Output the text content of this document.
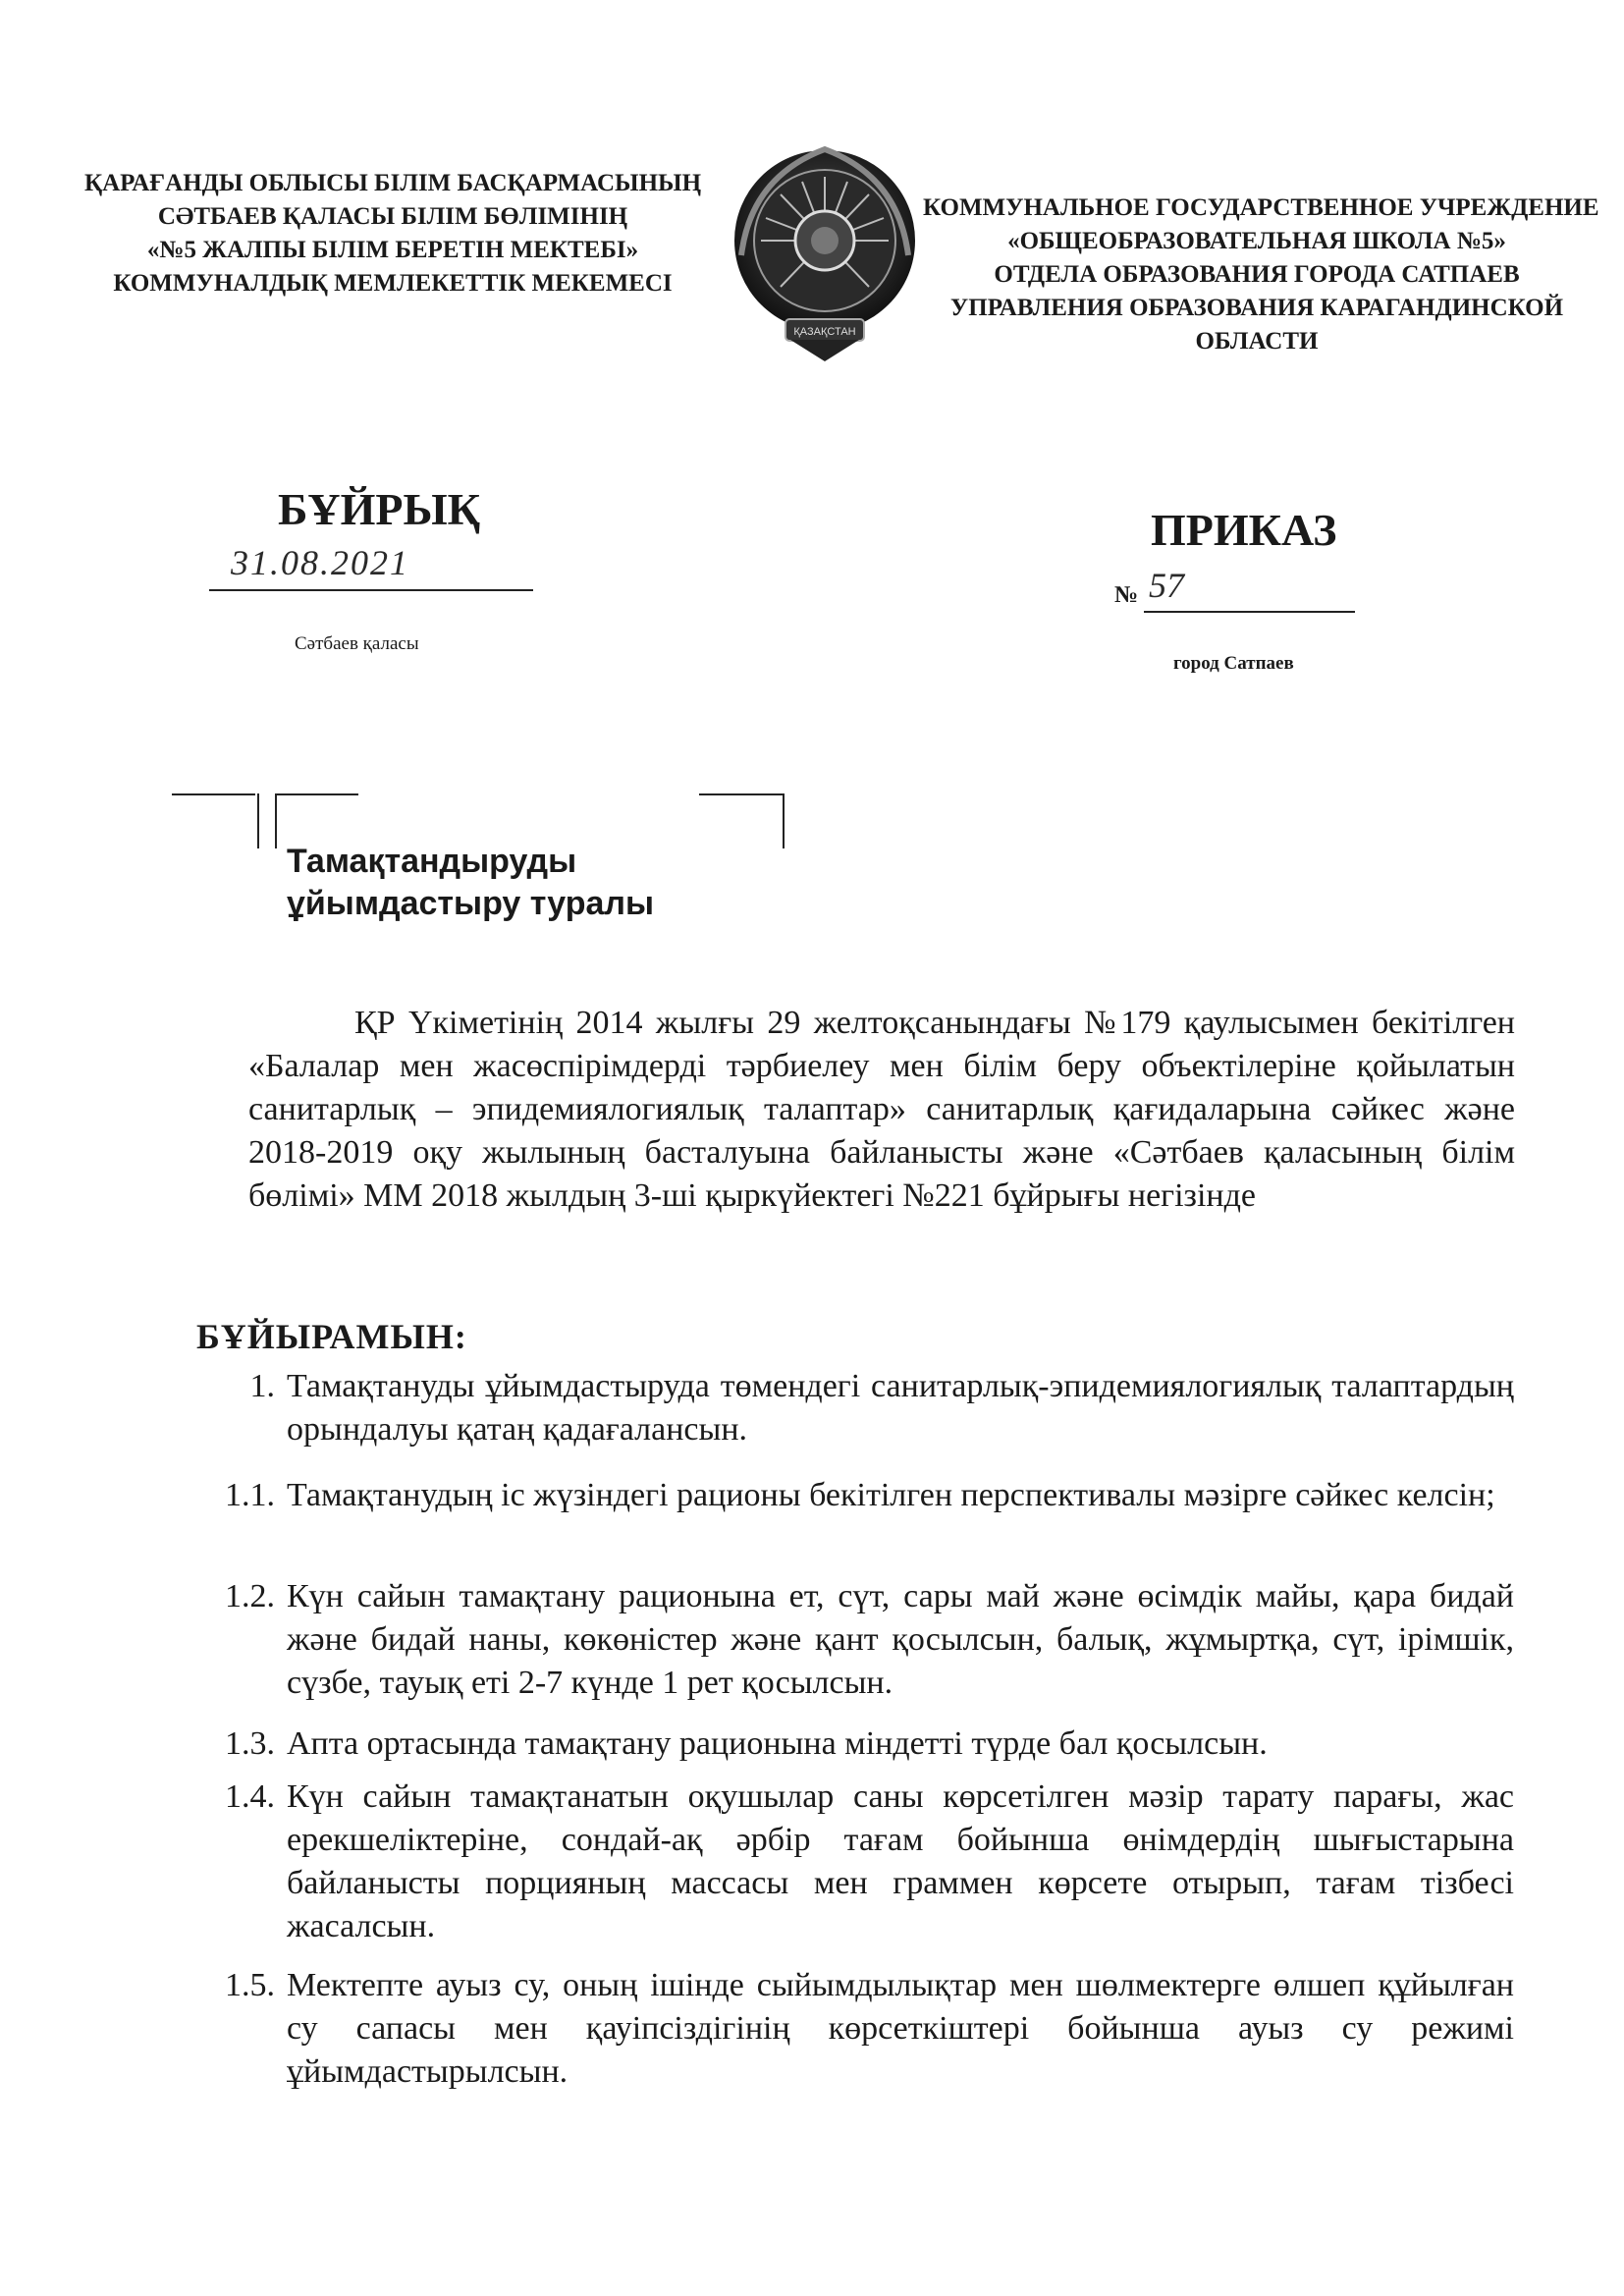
ҚАРАҒАНДЫ ОБЛЫСЫ БІЛІМ БАСҚАРМАСЫНЫҢ
СӘТБАЕВ ҚАЛАСЫ БІЛІМ БӨЛІМІНІҢ
«№5 ЖАЛПЫ БІЛІМ БЕРЕТІН МЕКТЕБІ»
КОММУНАЛДЫҚ МЕМЛЕКЕТТІК МЕКЕМЕСІ
ҚАЗАҚСТАН
КОММУНАЛЬНОЕ ГОСУДАРСТВЕННОЕ УЧРЕЖДЕНИЕ
«ОБЩЕОБРАЗОВАТЕЛЬНАЯ ШКОЛА №5»
ОТДЕЛА ОБРАЗОВАНИЯ ГОРОДА САТПАЕВ
УПРАВЛЕНИЯ ОБРАЗОВАНИЯ КАРАГАНДИНСКОЙ
ОБЛАСТИ
БҰЙРЫҚ	ПРИКАЗ
31.08.2021
№ 57
Сәтбаев қаласы
город Сатпаев
Тамақтандыруды
ұйымдастыру туралы
ҚР Үкіметінің 2014 жылғы 29 желтоқсанындағы №179 қаулысымен бекітілген «Балалар мен жасөспірімдерді тәрбиелеу мен білім беру объектілеріне қойылатын санитарлық – эпидемиялогиялық талаптар» санитарлық қағидаларына сәйкес және 2018-2019 оқу жылының басталуына байланысты және «Сәтбаев қаласының білім бөлімі» ММ 2018 жылдың 3-ші қыркүйектегі №221 бұйрығы негізінде
БҰЙЫРАМЫН:
1. Тамақтануды ұйымдастыруда төмендегі санитарлық-эпидемиялогиялық талаптардың орындалуы қатаң қадағалансын.
1.1. Тамақтанудың іс жүзіндегі рационы бекітілген перспективалы мәзірге сәйкес келсін;
1.2. Күн сайын тамақтану рационына ет, сүт, сары май және өсімдік майы, қара бидай және бидай наны, көкөністер және қант қосылсын, балық, жұмыртқа, сүт, ірімшік, сүзбе, тауық еті 2-7 күнде 1 рет қосылсын.
1.3. Апта ортасында тамақтану рационына міндетті түрде бал қосылсын.
1.4. Күн сайын тамақтанатын оқушылар саны көрсетілген мәзір тарату парағы, жас ерекшеліктеріне, сондай-ақ әрбір тағам бойынша өнімдердің шығыстарына байланысты порцияның массасы мен граммен көрсете отырып, тағам тізбесі жасалсын.
1.5. Мектепте ауыз су, оның ішінде сыйымдылықтар мен шөлмектерге өлшеп құйылған су сапасы мен қауіпсіздігінің көрсеткіштері бойынша ауыз су режимі ұйымдастырылсын.
